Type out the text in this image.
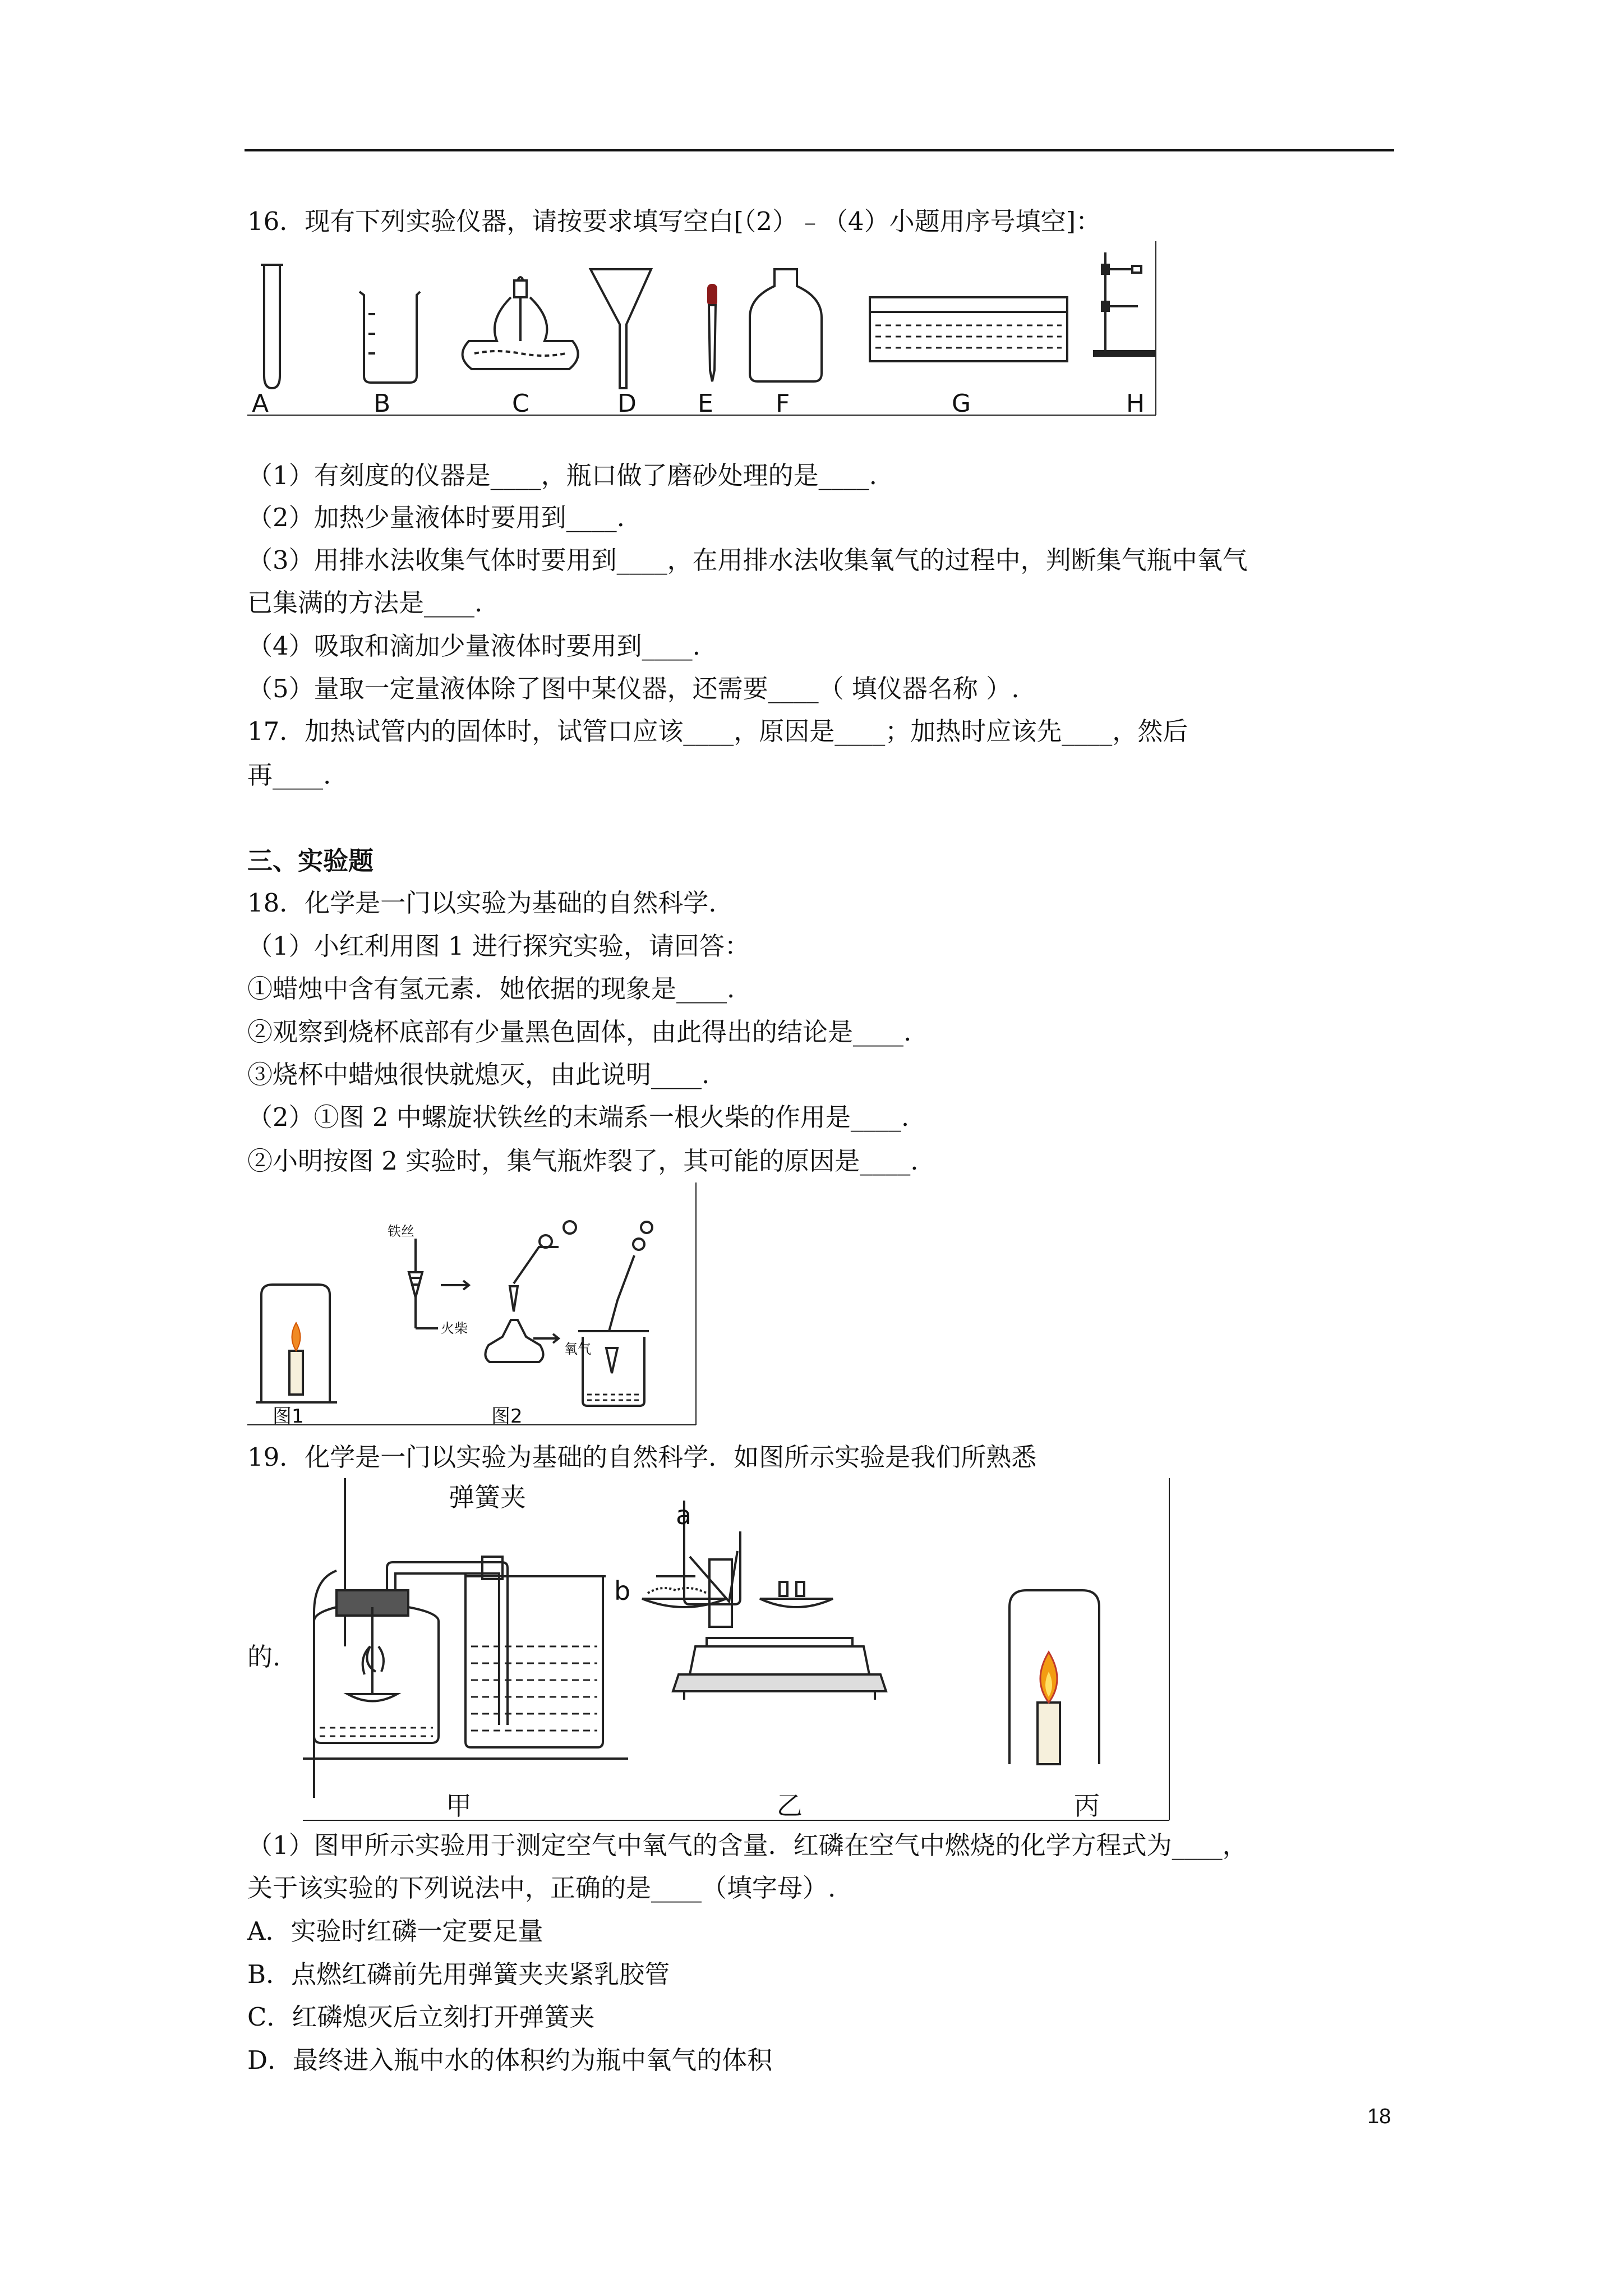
16．现有下列实验仪器，请按要求填写空白[（2）﹣（4）小题用序号填空]：
A	B	C	D E	F	G	H
（1）有刻度的仪器是____，瓶口做了磨砂处理的是____.
（2）加热少量液体时要用到____.
（3）用排水法收集气体时要用到____，在用排水法收集氧气的过程中，判断集气瓶中氧气
已集满的方法是____.
（4）吸取和滴加少量液体时要用到____.
（5）量取一定量液体除了图中某仪器，还需要____（ 填仪器名称 ）.
17．加热试管内的固体时，试管口应该____，原因是____；加热时应该先____，然后
再____.
三、实验题
18．化学是一门以实验为基础的自然科学.
（1）小红利用图 1 进行探究实验，请回答：
①蜡烛中含有氢元素．她依据的现象是____.
②观察到烧杯底部有少量黑色固体，由此得出的结论是____.
③烧杯中蜡烛很快就熄灭，由此说明____.
（2）①图 2 中螺旋状铁丝的末端系一根火柴的作用是____.
②小明按图 2 实验时，集气瓶炸裂了，其可能的原因是____.
铁丝
火柴
氧气
图1	图2
19．化学是一门以实验为基础的自然科学．如图所示实验是我们所熟悉
的.
弹簧夹
a
b
甲	乙	丙
（1）图甲所示实验用于测定空气中氧气的含量．红磷在空气中燃烧的化学方程式为____，
关于该实验的下列说法中，正确的是____（填字母）.
A．实验时红磷一定要足量
B．点燃红磷前先用弹簧夹夹紧乳胶管
C．红磷熄灭后立刻打开弹簧夹
D．最终进入瓶中水的体积约为瓶中氧气的体积
18
